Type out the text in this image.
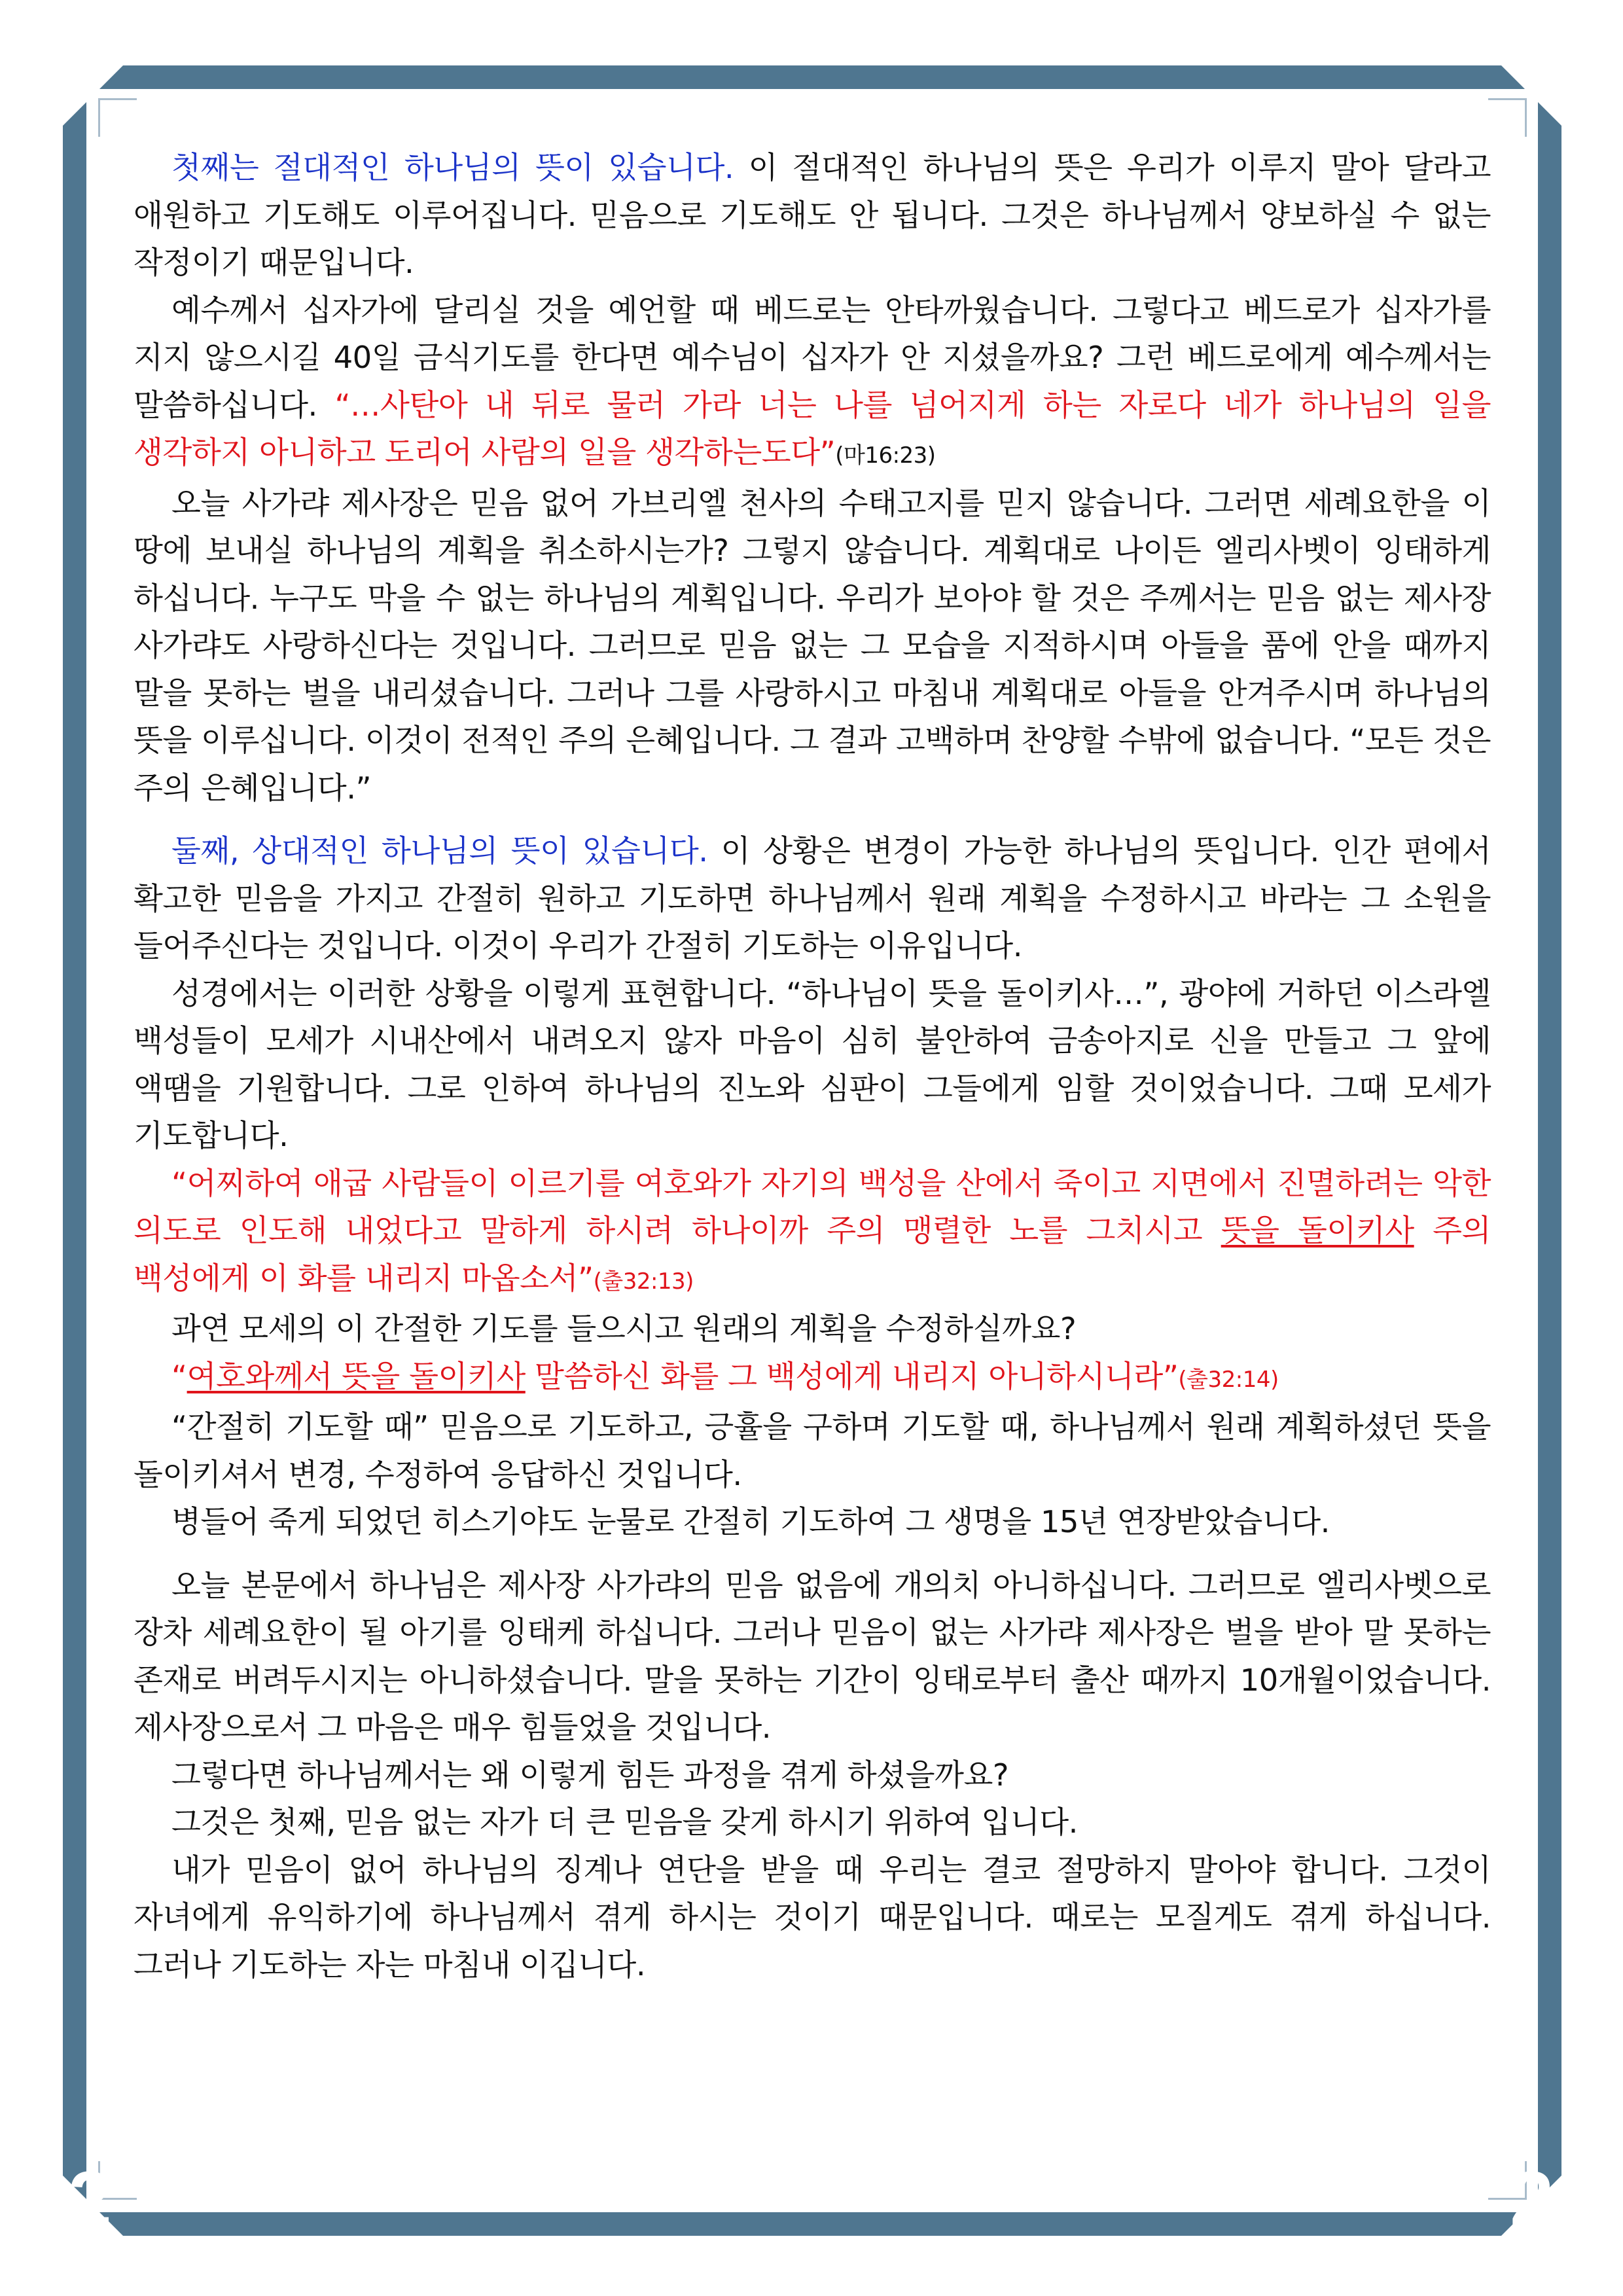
2	2

첫째는 절대적인 하나님의 뜻이 있습니다. 이 절대적인 하나님의 뜻은 우리가 이루지 말아 달라고 애원하고 기도해도 이루어집니다. 믿음으로 기도해도 안 됩니다. 그것은 하나님께서 양보하실 수 없는 작정이기 때문입니다.

예수께서 십자가에 달리실 것을 예언할 때 베드로는 안타까웠습니다. 그렇다고 베드로가 십자가를 지지 않으시길 40일 금식기도를 한다면 예수님이 십자가 안 지셨을까요? 그런 베드로에게 예수께서는 말씀하십니다. “…사탄아 내 뒤로 물러 가라 너는 나를 넘어지게 하는 자로다 네가 하나님의 일을 생각하지 아니하고 도리어 사람의 일을 생각하는도다”(마16:23)

오늘 사가랴 제사장은 믿음 없어 가브리엘 천사의 수태고지를 믿지 않습니다. 그러면 세례요한을 이 땅에 보내실 하나님의 계획을 취소하시는가? 그렇지 않습니다. 계획대로 나이든 엘리사벳이 잉태하게 하십니다. 누구도 막을 수 없는 하나님의 계획입니다. 우리가 보아야 할 것은 주께서는 믿음 없는 제사장 사가랴도 사랑하신다는 것입니다. 그러므로 믿음 없는 그 모습을 지적하시며 아들을 품에 안을 때까지 말을 못하는 벌을 내리셨습니다. 그러나 그를 사랑하시고 마침내 계획대로 아들을 안겨주시며 하나님의 뜻을 이루십니다. 이것이 전적인 주의 은혜입니다. 그 결과 고백하며 찬양할 수밖에 없습니다. “모든 것은 주의 은혜입니다.”

둘째, 상대적인 하나님의 뜻이 있습니다. 이 상황은 변경이 가능한 하나님의 뜻입니다. 인간 편에서 확고한 믿음을 가지고 간절히 원하고 기도하면 하나님께서 원래 계획을 수정하시고 바라는 그 소원을 들어주신다는 것입니다. 이것이 우리가 간절히 기도하는 이유입니다.

성경에서는 이러한 상황을 이렇게 표현합니다. “하나님이 뜻을 돌이키사…”, 광야에 거하던 이스라엘 백성들이 모세가 시내산에서 내려오지 않자 마음이 심히 불안하여 금송아지로 신을 만들고 그 앞에 액땜을 기원합니다. 그로 인하여 하나님의 진노와 심판이 그들에게 임할 것이었습니다. 그때 모세가 기도합니다.

“어찌하여 애굽 사람들이 이르기를 여호와가 자기의 백성을 산에서 죽이고 지면에서 진멸하려는 악한 의도로 인도해 내었다고 말하게 하시려 하나이까 주의 맹렬한 노를 그치시고 뜻을 돌이키사 주의 백성에게 이 화를 내리지 마옵소서”(출32:13)

과연 모세의 이 간절한 기도를 들으시고 원래의 계획을 수정하실까요?

“여호와께서 뜻을 돌이키사 말씀하신 화를 그 백성에게 내리지 아니하시니라”(출32:14)

“간절히 기도할 때” 믿음으로 기도하고, 긍휼을 구하며 기도할 때, 하나님께서 원래 계획하셨던 뜻을 돌이키셔서 변경, 수정하여 응답하신 것입니다.

병들어 죽게 되었던 히스기야도 눈물로 간절히 기도하여 그 생명을 15년 연장받았습니다.

오늘 본문에서 하나님은 제사장 사가랴의 믿음 없음에 개의치 아니하십니다. 그러므로 엘리사벳으로 장차 세례요한이 될 아기를 잉태케 하십니다. 그러나 믿음이 없는 사가랴 제사장은 벌을 받아 말 못하는 존재로 버려두시지는 아니하셨습니다. 말을 못하는 기간이 잉태로부터 출산 때까지 10개월이었습니다. 제사장으로서 그 마음은 매우 힘들었을 것입니다.

그렇다면 하나님께서는 왜 이렇게 힘든 과정을 겪게 하셨을까요?

그것은 첫째, 믿음 없는 자가 더 큰 믿음을 갖게 하시기 위하여 입니다.

내가 믿음이 없어 하나님의 징계나 연단을 받을 때 우리는 결코 절망하지 말아야 합니다. 그것이 자녀에게 유익하기에 하나님께서 겪게 하시는 것이기 때문입니다. 때로는 모질게도 겪게 하십니다. 그러나 기도하는 자는 마침내 이깁니다.
